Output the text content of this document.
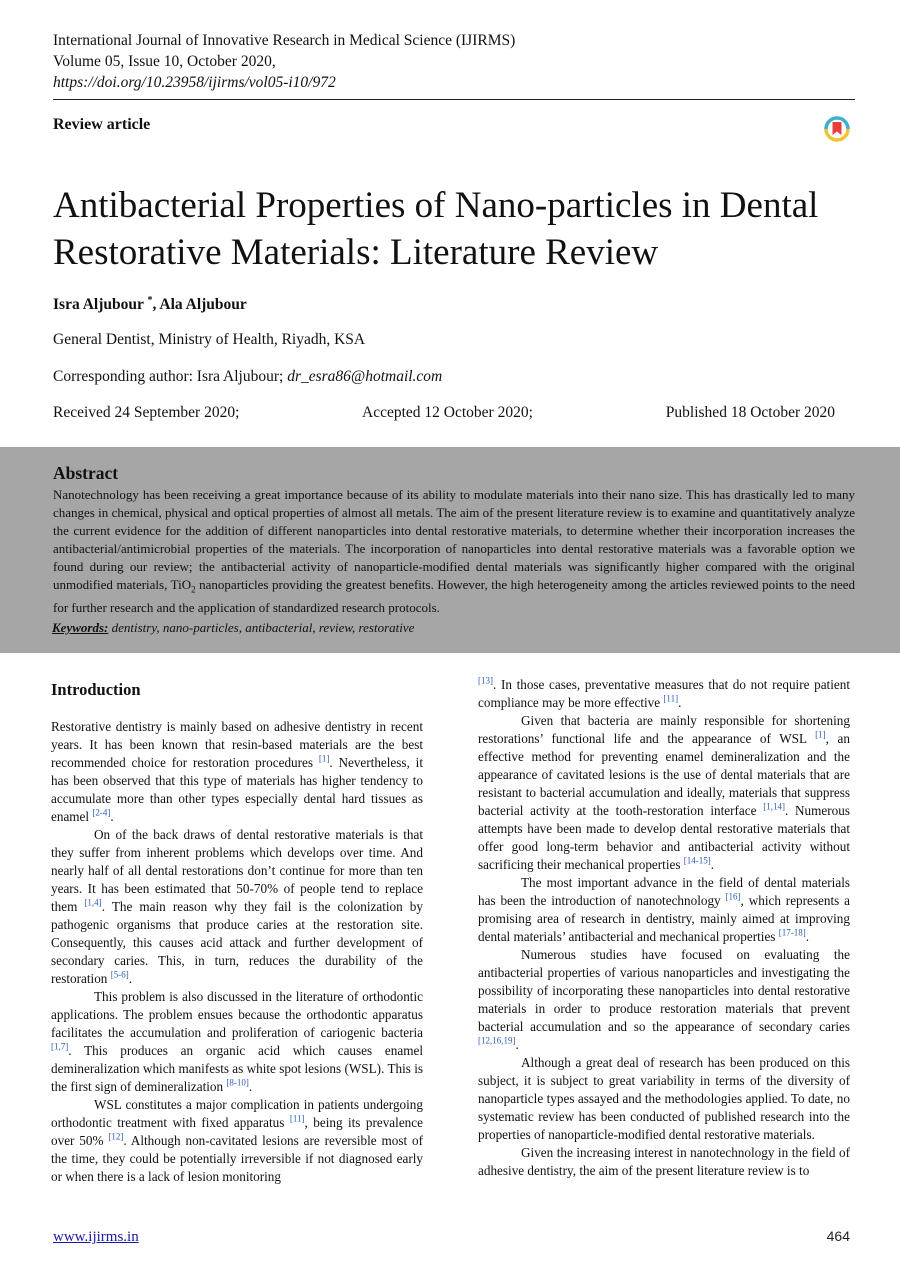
International Journal of Innovative Research in Medical Science (IJIRMS)
Volume 05, Issue 10, October 2020,
https://doi.org/10.23958/ijirms/vol05-i10/972
Review article
Antibacterial Properties of Nano-particles in Dental Restorative Materials: Literature Review
Isra Aljubour *, Ala Aljubour
General Dentist, Ministry of Health, Riyadh, KSA
Corresponding author: Isra Aljubour; dr_esra86@hotmail.com
Received 24 September 2020;	Accepted 12 October 2020;	Published 18 October 2020
Abstract
Nanotechnology has been receiving a great importance because of its ability to modulate materials into their nano size. This has drastically led to many changes in chemical, physical and optical properties of almost all metals. The aim of the present literature review is to examine and quantitatively analyze the current evidence for the addition of different nanoparticles into dental restorative materials, to determine whether their incorporation increases the antibacterial/antimicrobial properties of the materials. The incorporation of nanoparticles into dental restorative materials was a favorable option we found during our review; the antibacterial activity of nanoparticle-modified dental materials was significantly higher compared with the original unmodified materials, TiO$_2$ nanoparticles providing the greatest benefits. However, the high heterogeneity among the articles reviewed points to the need for further research and the application of standardized research protocols.
Keywords: dentistry, nano-particles, antibacterial, review, restorative
Introduction

Restorative dentistry is mainly based on adhesive dentistry in recent years. It has been known that resin-based materials are the best recommended choice for restoration procedures [1]. Nevertheless, it has been observed that this type of materials has higher tendency to accumulate more than other types especially dental hard tissues as enamel [2-4].

On of the back draws of dental restorative materials is that they suffer from inherent problems which develops over time. And nearly half of all dental restorations don’t continue for more than ten years. It has been estimated that 50-70% of people tend to replace them [1,4]. The main reason why they fail is the colonization by pathogenic organisms that produce caries at the restoration site. Consequently, this causes acid attack and further development of secondary caries. This, in turn, reduces the durability of the restoration [5-6].

This problem is also discussed in the literature of orthodontic applications. The problem ensues because the orthodontic apparatus facilitates the accumulation and proliferation of cariogenic bacteria [1,7]. This produces an organic acid which causes enamel demineralization which manifests as white spot lesions (WSL). This is the first sign of demineralization [8-10].

WSL constitutes a major complication in patients undergoing orthodontic treatment with fixed apparatus [11], being its prevalence over 50% [12]. Although non-cavitated lesions are reversible most of the time, they could be potentially irreversible if not diagnosed early or when there is a lack of lesion monitoring

[13]. In those cases, preventative measures that do not require patient compliance may be more effective [11].

Given that bacteria are mainly responsible for shortening restorations’ functional life and the appearance of WSL [1], an effective method for preventing enamel demineralization and the appearance of cavitated lesions is the use of dental materials that are resistant to bacterial accumulation and ideally, materials that suppress bacterial activity at the tooth-restoration interface [1,14]. Numerous attempts have been made to develop dental restorative materials that offer good long-term behavior and antibacterial activity without sacrificing their mechanical properties [14-15].

The most important advance in the field of dental materials has been the introduction of nanotechnology [16], which represents a promising area of research in dentistry, mainly aimed at improving dental materials’ antibacterial and mechanical properties [17-18].

Numerous studies have focused on evaluating the antibacterial properties of various nanoparticles and investigating the possibility of incorporating these nanoparticles into dental restorative materials in order to produce restoration materials that prevent bacterial accumulation and so the appearance of secondary caries [12,16,19].

Although a great deal of research has been produced on this subject, it is subject to great variability in terms of the diversity of nanoparticle types assayed and the methodologies applied. To date, no systematic review has been conducted of published research into the properties of nanoparticle-modified dental restorative materials.

Given the increasing interest in nanotechnology in the field of adhesive dentistry, the aim of the present literature review is to

www.ijirms.in	464
